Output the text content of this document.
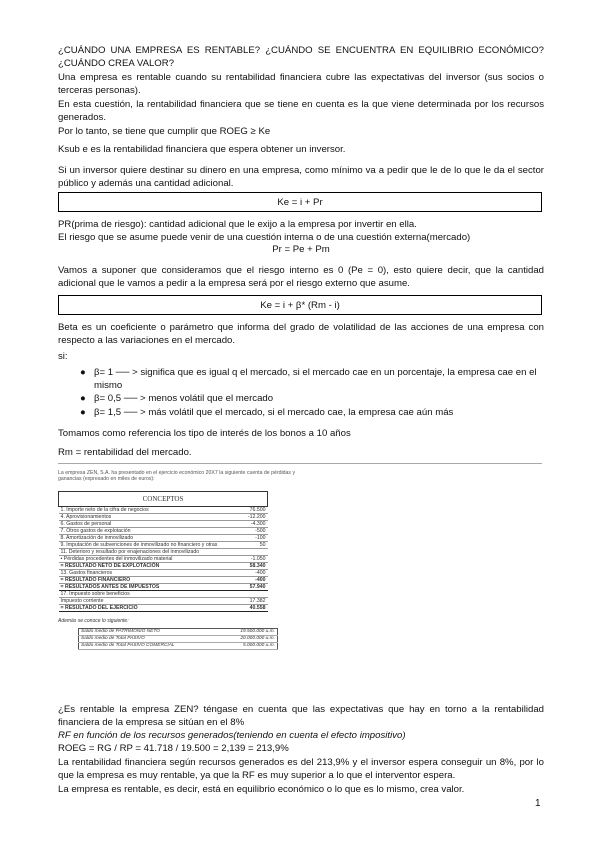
¿CUÁNDO UNA EMPRESA ES RENTABLE? ¿CUÁNDO SE ENCUENTRA EN EQUILIBRIO ECONÓMICO? ¿CUÁNDO CREA VALOR?
Una empresa es rentable cuando su rentabilidad financiera cubre las expectativas del inversor (sus socios o terceras personas).
En esta cuestión, la rentabilidad financiera que se tiene en cuenta es la que viene determinada por los recursos generados.
Por lo tanto, se tiene que cumplir que ROEG ≥ Ke
Ksub e es la rentabilidad financiera que espera obtener un inversor.
Si un inversor quiere destinar su dinero en una empresa, como mínimo va a pedir que le de lo que le da el sector público y además una cantidad adicional.
Ke = i + Pr
PR(prima de riesgo): cantidad adicional que le exijo a la empresa por invertir en ella.
El riesgo que se asume puede venir de una cuestión interna o de una cuestión externa(mercado)
Pr = Pe + Pm
Vamos a suponer que consideramos que el riesgo interno es 0 (Pe = 0), esto quiere decir, que la cantidad adicional que le vamos a pedir a la empresa será por el riesgo externo que asume.
Ke = i + β* (Rm - i)
Beta es un coeficiente o parámetro que informa del grado de volatilidad de las acciones de una empresa con respecto a las variaciones en el mercado.
si:
● β= 1 ── > significa que es igual q el mercado, si el mercado cae en un porcentaje, la empresa cae en el mismo
● β= 0,5 ── > menos volátil que el mercado
● β= 1,5 ── > más volátil que el mercado, si el mercado cae, la empresa cae aún más
Tomamos como referencia los tipo de interés de los bonos a 10 años
Rm = rentabilidad del mercado.
La empresa ZEN, S.A. ha presentado en el ejercicio económico 20X7 la siguiente cuenta de pérdidas y ganancias (expresado en miles de euros):
CONCEPTOS	
1. Importe neto de la cifra de negocios	76.500
4. Aprovisionamientos	-12.200
6. Gastos de personal	-4.300
7. Otros gastos de explotación	-500
8. Amortización de inmovilizado	-100
9. Imputación de subvenciones de inmovilizado no financiero y otras	50
11. Deterioro y resultado por enajenaciones del inmovilizado	
• Pérdidas procedentes del inmovilizado material	-1.050
= RESULTADO NETO DE EXPLOTACIÓN	58.340
13. Gastos financieros	-400
= RESULTADO FINANCIERO	-400
= RESULTADOS ANTES DE IMPUESTOS	57.940
17. Impuesto sobre beneficios	
Impuesto corriente	17.382
= RESULTADO DEL EJERCICIO	40.558
Además se conoce lo siguiente:
Saldo medio de PATRIMONIO NETO	19.500.000 u.m.
Saldo medio de Total PASIVO	20.000.000 u.m.
Saldo medio de Total PASIVO COMERCIAL	5.000.000 u.m.
¿Es rentable la empresa ZEN? téngase en cuenta que las expectativas que hay en torno a la rentabilidad financiera de la empresa se sitúan en el 8%
RF en función de los recursos generados(teniendo en cuenta el efecto impositivo)
ROEG = RG / RP = 41.718 / 19.500 = 2,139 = 213,9%
La rentabilidad financiera según recursos generados es del 213,9% y el inversor espera conseguir un 8%, por lo que la empresa es muy rentable, ya que la RF es muy superior a lo que el interventor espera.
La empresa es rentable, es decir, está en equilibrio económico o lo que es lo mismo, crea valor.
1
